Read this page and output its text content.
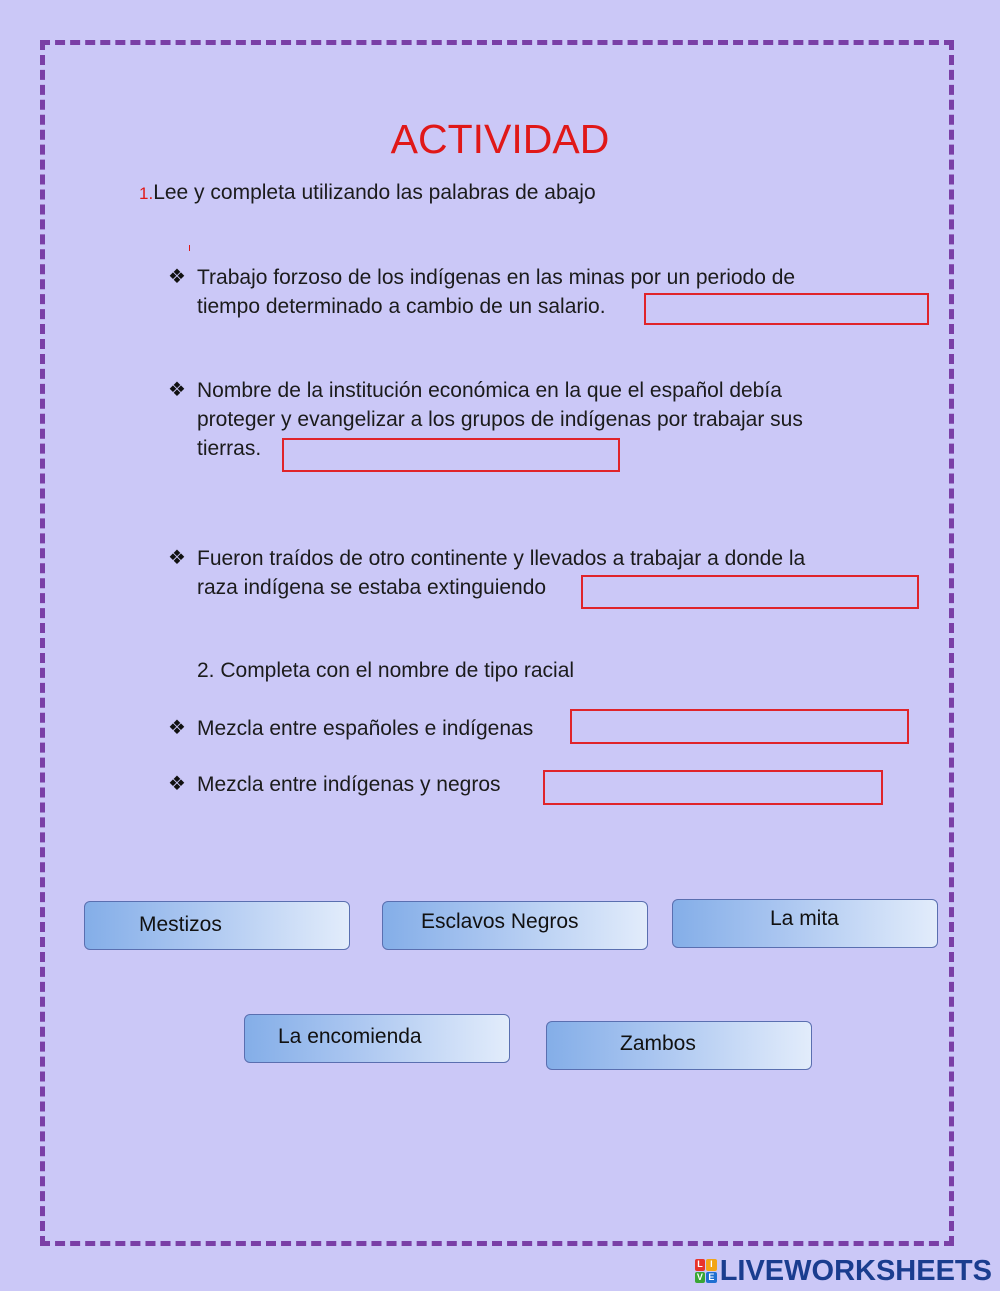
ACTIVIDAD
1.Lee y completa utilizando las palabras de abajo
❖ Trabajo forzoso de los indígenas en las minas por un periodo de
tiempo determinado a cambio de un salario.
❖ Nombre de la institución económica en la que el español debía
proteger y evangelizar a los grupos de indígenas por trabajar sus
tierras.
❖ Fueron traídos de otro continente y llevados a trabajar a donde la
raza indígena se estaba extinguiendo
2. Completa con el nombre de tipo racial
❖ Mezcla entre españoles e indígenas
❖ Mezcla entre indígenas y negros
Mestizos	Esclavos Negros	La mita
La encomienda	Zambos
L I
V E LIVEWORKSHEETS
